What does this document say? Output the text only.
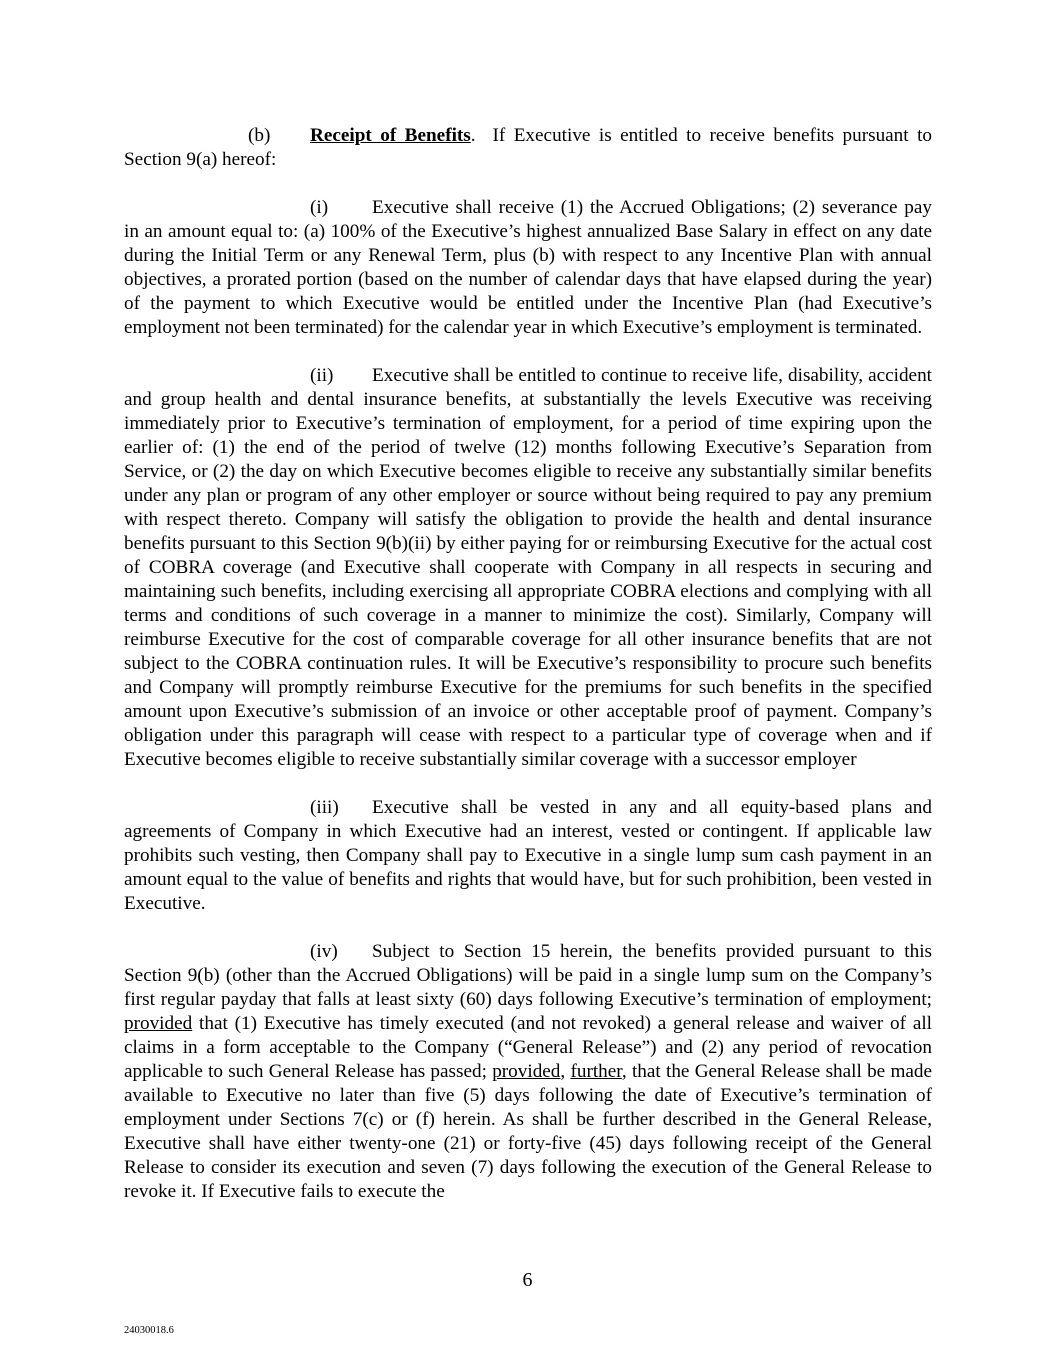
(b) Receipt of Benefits. If Executive is entitled to receive benefits pursuant to Section 9(a) hereof:

(i) Executive shall receive (1) the Accrued Obligations; (2) severance pay in an amount equal to: (a) 100% of the Executive’s highest annualized Base Salary in effect on any date during the Initial Term or any Renewal Term, plus (b) with respect to any Incentive Plan with annual objectives, a prorated portion (based on the number of calendar days that have elapsed during the year) of the payment to which Executive would be entitled under the Incentive Plan (had Executive’s employment not been terminated) for the calendar year in which Executive’s employment is terminated.

(ii) Executive shall be entitled to continue to receive life, disability, accident and group health and dental insurance benefits, at substantially the levels Executive was receiving immediately prior to Executive’s termination of employment, for a period of time expiring upon the earlier of: (1) the end of the period of twelve (12) months following Executive’s Separation from Service, or (2) the day on which Executive becomes eligible to receive any substantially similar benefits under any plan or program of any other employer or source without being required to pay any premium with respect thereto. Company will satisfy the obligation to provide the health and dental insurance benefits pursuant to this Section 9(b)(ii) by either paying for or reimbursing Executive for the actual cost of COBRA coverage (and Executive shall cooperate with Company in all respects in securing and maintaining such benefits, including exercising all appropriate COBRA elections and complying with all terms and conditions of such coverage in a manner to minimize the cost). Similarly, Company will reimburse Executive for the cost of comparable coverage for all other insurance benefits that are not subject to the COBRA continuation rules. It will be Executive’s responsibility to procure such benefits and Company will promptly reimburse Executive for the premiums for such benefits in the specified amount upon Executive’s submission of an invoice or other acceptable proof of payment. Company’s obligation under this paragraph will cease with respect to a particular type of coverage when and if Executive becomes eligible to receive substantially similar coverage with a successor employer

(iii) Executive shall be vested in any and all equity-based plans and agreements of Company in which Executive had an interest, vested or contingent. If applicable law prohibits such vesting, then Company shall pay to Executive in a single lump sum cash payment in an amount equal to the value of benefits and rights that would have, but for such prohibition, been vested in Executive.

(iv) Subject to Section 15 herein, the benefits provided pursuant to this Section 9(b) (other than the Accrued Obligations) will be paid in a single lump sum on the Company’s first regular payday that falls at least sixty (60) days following Executive’s termination of employment; provided that (1) Executive has timely executed (and not revoked) a general release and waiver of all claims in a form acceptable to the Company (“General Release”) and (2) any period of revocation applicable to such General Release has passed; provided, further, that the General Release shall be made available to Executive no later than five (5) days following the date of Executive’s termination of employment under Sections 7(c) or (f) herein. As shall be further described in the General Release, Executive shall have either twenty-one (21) or forty-five (45) days following receipt of the General Release to consider its execution and seven (7) days following the execution of the General Release to revoke it. If Executive fails to execute the

6
24030018.6
